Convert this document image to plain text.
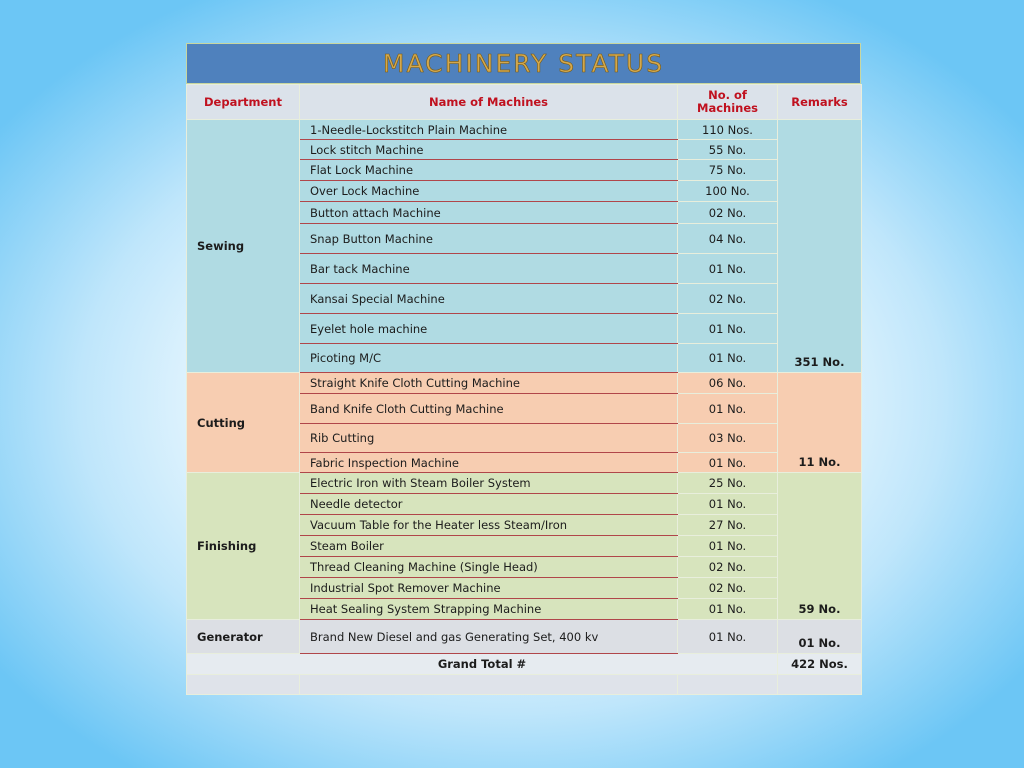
MACHINERY STATUS
Department	Name of Machines	No. of Machines	Remarks
Sewing	1-Needle-Lockstitch Plain Machine	110 Nos.	351 No.
	Lock stitch Machine	55 No.	
	Flat Lock Machine	75 No.	
	Over Lock Machine	100 No.	
	Button attach Machine	02 No.	
	Snap Button Machine	04 No.	
	Bar tack Machine	01 No.	
	Kansai Special Machine	02 No.	
	Eyelet hole machine	01 No.	
	Picoting M/C	01 No.	
Cutting	Straight Knife Cloth Cutting Machine	06 No.	11 No.
	Band Knife Cloth Cutting Machine	01 No.	
	Rib Cutting	03 No.	
	Fabric Inspection Machine	01 No.	
Finishing	Electric Iron with Steam Boiler System	25 No.	59 No.
	Needle detector	01 No.	
	Vacuum Table for the Heater less Steam/Iron	27 No.	
	Steam Boiler	01 No.	
	Thread Cleaning Machine (Single Head)	02 No.	
	Industrial Spot Remover Machine	02 No.	
	Heat Sealing System Strapping Machine	01 No.	
Generator	Brand New Diesel and gas Generating Set, 400 kv	01 No.	01 No.
Grand Total #			422 Nos.
